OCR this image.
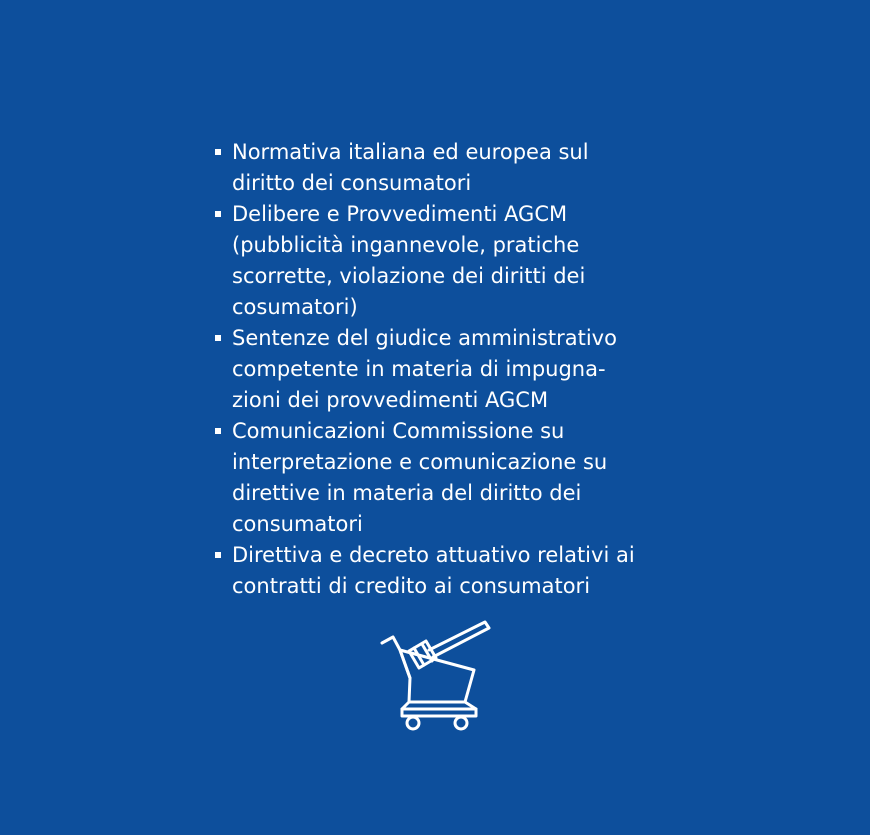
Normativa italiana ed europea sul
diritto dei consumatori
Delibere e Provvedimenti AGCM
(pubblicità ingannevole, pratiche
scorrette, violazione dei diritti dei
cosumatori)
Sentenze del giudice amministrativo
competente in materia di impugna-
zioni dei provvedimenti AGCM
Comunicazioni Commissione su
interpretazione e comunicazione su
direttive in materia del diritto dei
consumatori
Direttiva e decreto attuativo relativi ai
contratti di credito ai consumatori
